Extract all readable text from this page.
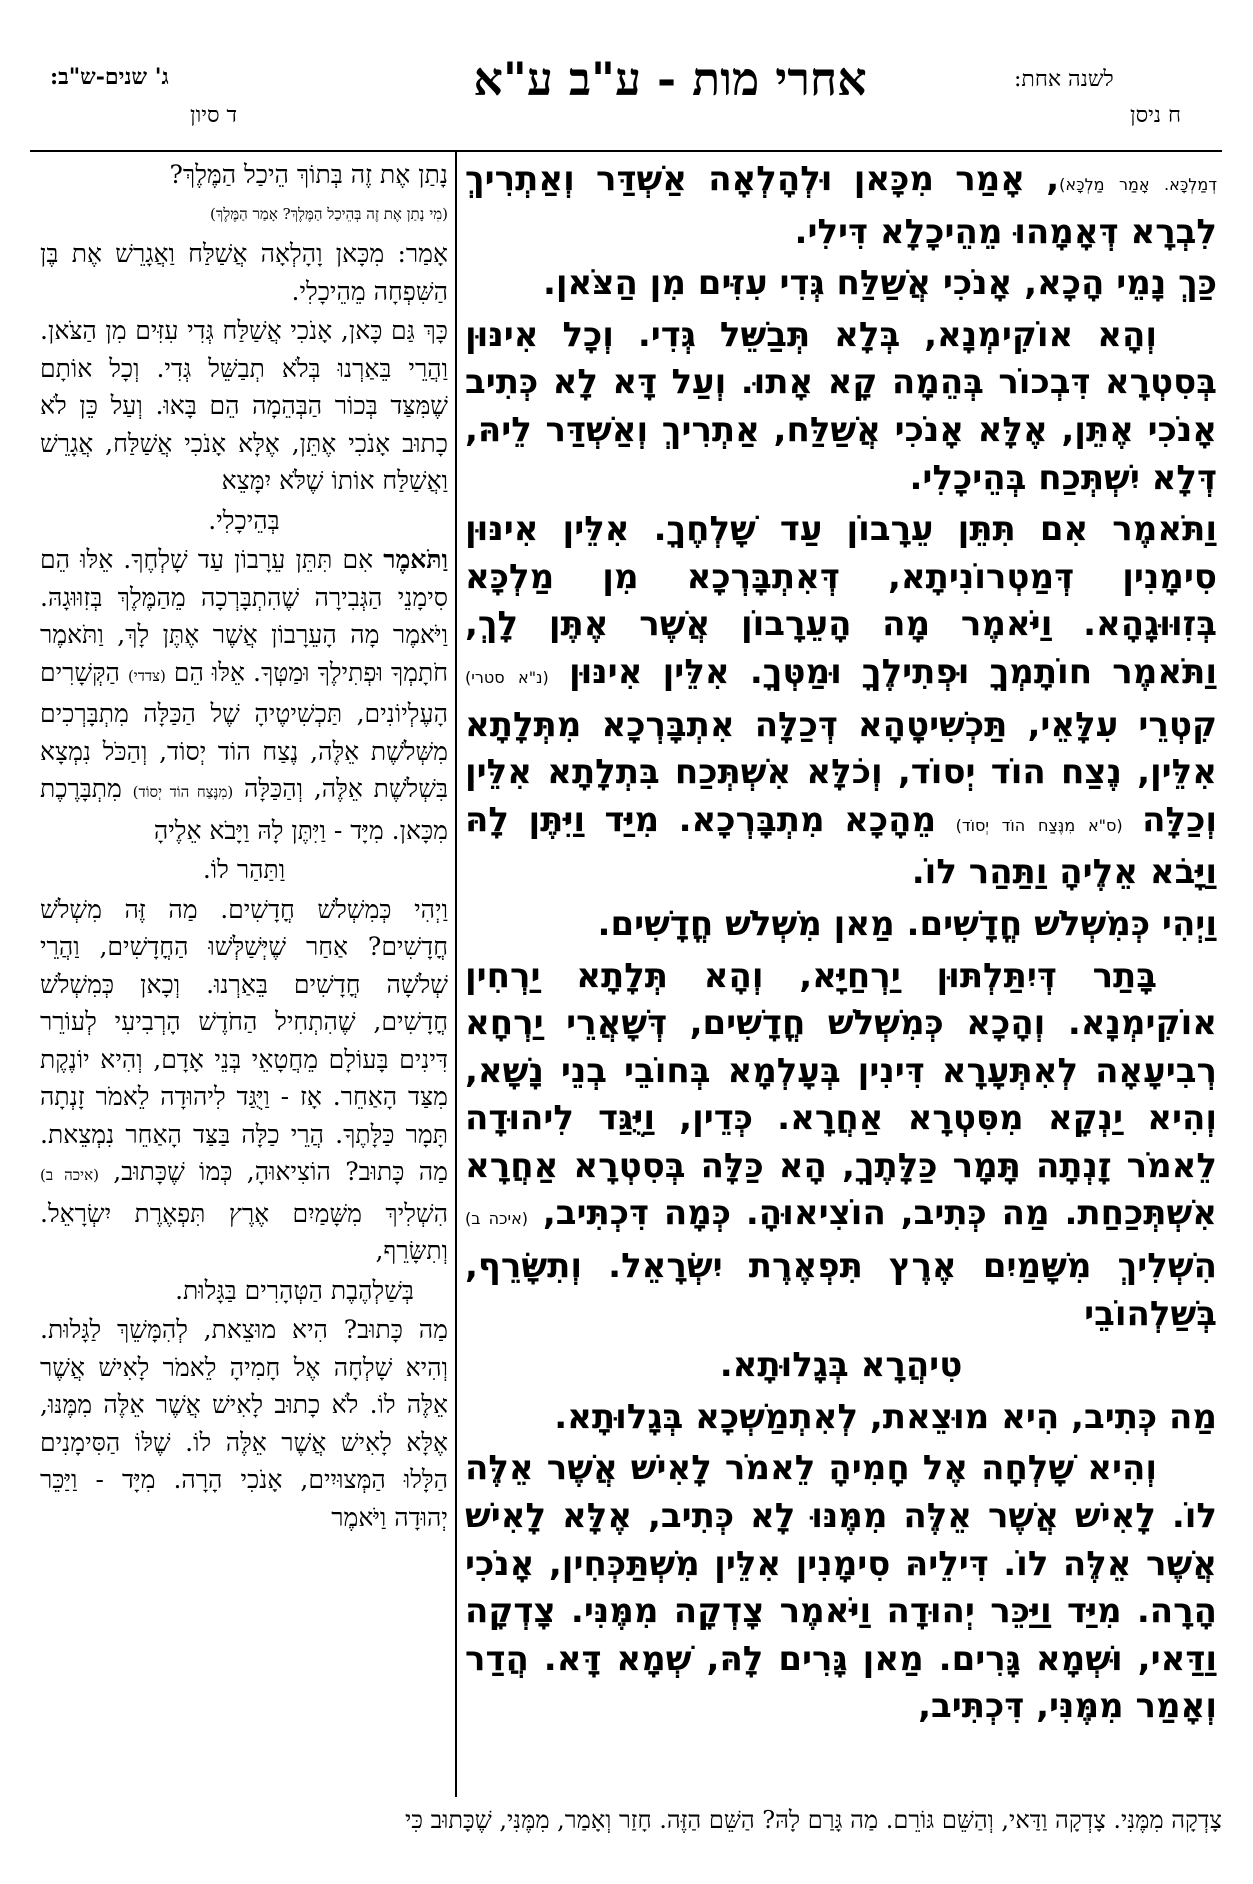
לשנה אחת:
ח ניסן
אחרי מות - ע"ב ע"א
ג' שנים-ש"ב:
ד סיון

דְמַלְכָּא. אָמַר מַלְכָּא), אָמַר מִכָּאן וּלְהָלְאָה אַשְׁדַּר וְאַתְרִיךְ לִבְרָא דְּאָמָהוּ מֵהֵיכָלָא דִּילִי.

כַּךְ נָמֵי הָכָא, אָנֹכִי אֲשַׁלַּח גְּדִי עִזִּים מִן הַצֹּאן.

וְהָא אוֹקִימְנָא, בְּלָא תְּבַשֵּׁל גְּדִי. וְכָל אִינּוּן בְּסִטְרָא דִּבְכוֹר בְּהֵמָה קָא אָתוּ. וְעַל דָּא לָא כְּתִיב אָנֹכִי אֶתֵּן, אֶלָּא אָנֹכִי אֲשַׁלַּח, אַתְרִיךְ וְאַשְׁדַּר לֵיהּ, דְּלָא יִשְׁתְּכַח בְּהֵיכָלִי.

וַתֹּאמֶר אִם תִּתֵּן עֵרָבוֹן עַד שָׁלְחֶךָ. אִלֵּין אִינּוּן סִימָנִין דְּמַטְרוֹנִיתָא, דְּאִתְבָּרְכָא מִן מַלְכָּא בְּזִוּוּגָהָא. וַיֹּאמֶר מָה הָעֵרָבוֹן אֲשֶׁר אֶתֶּן לָךְ, וַתֹּאמֶר חוֹתָמְךָ וּפְתִילֶךָ וּמַטְּךָ. אִלֵּין אִינּוּן (נ"א סטרי) קִטְרֵי עִלָּאֵי, תַּכְשִׁיטָהָא דְּכַלָּה אִתְבָּרְכָא מִתְּלָתָא אִלֵּין, נֶצַח הוֹד יְסוֹד, וְכֹלָּא אִשְׁתְּכַח בִּתְלָתָא אִלֵּין וְכַלָּה (ס"א מִנֶּצַח הוֹד יְסוֹד) מֵהָכָא מִתְבָּרְכָא. מִיַּד וַיִּתֶּן לָהּ וַיָּבֹא אֵלֶיהָ וַתַּהַר לוֹ.

וַיְהִי כְּמִשְׁלֹשׁ חֳדָשִׁים. מַאן מִשְׁלֹשׁ חֳדָשִׁים.

בָּתַר דְּיִתַּלְתּוּן יַרְחַיָּא, וְהָא תְּלָתָא יַרְחִין אוֹקִימְנָא. וְהָכָא כְּמִשְׁלֹשׁ חֳדָשִׁים, דְּשָׁאֲרֵי יַרְחָא רְבִיעָאָה לְאִתְּעָרָא דִּינִין בְּעָלְמָא בְּחוֹבֵי בְנֵי נָשָׁא, וְהִיא יַנְקָא מִסִּטְרָא אַחֲרָא. כְּדֵין, וַיֻּגַּד לִיהוּדָה לֵאמֹר זָנְתָה תָּמָר כַּלָּתֶךָ, הָא כַּלָּה בְּסִטְרָא אַחֲרָא אִשְׁתְּכַחַת. מַה כְּתִיב, הוֹצִיאוּהָ. כְּמָה דִּכְתִּיב, (איכה ב) הִשְׁלִיךְ מִשָּׁמַיִם אֶרֶץ תִּפְאֶרֶת יִשְׂרָאֵל. וְתִשָּׂרֵף, בְּשַׁלְהוֹבֵי

טִיהֲרָא בְּגָלוּתָא.

מַה כְּתִיב, הִיא מוּצֵאת, לְאִתְמַשְׁכָא בְּגָלוּתָא.

וְהִיא שָׁלְחָה אֶל חָמִיהָ לֵאמֹר לָאִישׁ אֲשֶׁר אֵלֶּה לוֹ. לָאִישׁ אֲשֶׁר אֵלֶּה מִמֶּנּוּ לָא כְּתִיב, אֶלָּא לָאִישׁ אֲשֶׁר אֵלֶּה לוֹ. דִּילֵיהּ סִימָנִין אִלֵּין מִשְׁתַּכְּחִין, אָנֹכִי הָרָה. מִיַּד וַיַּכֵּר יְהוּדָה וַיֹּאמֶר צָדְקָה מִמֶּנִּי. צָדְקָה וַדַּאי, וּשְׁמָא גָּרִים. מַאן גָּרִים לָהּ, שְׁמָא דָּא. הֲדַר וְאָמַר מִמֶּנִּי, דִּכְתִּיב,

נָתַן אֶת זֶה בְּתוֹךְ הֵיכַל הַמֶּלֶךְ?

(מִי נָתַן אֶת זֶה בְּהֵיכַל הַמֶּלֶךְ? אָמַר הַמֶּלֶךְ)

אָמַר: מִכָּאן וָהָלְאָה אֲשַׁלַּח וַאֲגָרֵשׁ אֶת בֶּן הַשִּׁפְחָה מֵהֵיכָלִי.

כָּךְ גַּם כָּאן, אָנֹכִי אֲשַׁלַּח גְּדִי עִזִּים מִן הַצֹּאן. וַהֲרֵי בֵּאַרְנוּ בְּלֹא תְבַשֵּׁל גְּדִי. וְכָל אוֹתָם שֶׁמִּצַּד בְּכוֹר הַבְּהֵמָה הֵם בָּאוּ. וְעַל כֵּן לֹא כָתוּב אָנֹכִי אֶתֵּן, אֶלָּא אָנֹכִי אֲשַׁלַּח, אֲגָרֵשׁ וַאֲשַׁלַּח אוֹתוֹ שֶׁלֹּא יִמָּצֵא

בְּהֵיכָלִי.

וַתֹּאמֶר אִם תִּתֵּן עֵרָבוֹן עַד שָׁלְחֶךָ. אֵלּוּ הֵם סִימָנֵי הַגְּבִירָה שֶׁהִתְבָּרְכָה מֵהַמֶּלֶךְ בְּזִוּוּגָהּ. וַיֹּאמֶר מָה הָעֵרָבוֹן אֲשֶׁר אֶתֶּן לָךְ, וַתֹּאמֶר חֹתָמְךָ וּפְתִילֶךָ וּמַטְּךָ. אֵלּוּ הֵם (צדדי) הַקְּשָׁרִים הָעֶלְיוֹנִים, תַּכְשִׁיטֶיהָ שֶׁל הַכַּלָּה מִתְבָּרְכִים מִשְּׁלֹשֶׁת אֵלֶּה, נֶצַח הוֹד יְסוֹד, וְהַכֹּל נִמְצָא בִּשְׁלֹשֶׁת אֵלֶּה, וְהַכַּלָּה (מִנֶּצַח הוֹד יְסוֹד) מִתְבָּרֶכֶת מִכָּאן. מִיָּד - וַיִּתֶּן לָהּ וַיָּבֹא אֵלֶיהָ

וַתַּהַר לוֹ.

וַיְהִי כְּמִשְׁלֹשׁ חֳדָשִׁים. מַה זֶּה מִשְׁלֹשׁ חֳדָשִׁים? אַחַר שֶׁיְּשַׁלְּשׁוּ הַחֳדָשִׁים, וַהֲרֵי שְׁלֹשָׁה חֳדָשִׁים בֵּאַרְנוּ. וְכָאן כְּמִשְׁלֹשׁ חֳדָשִׁים, שֶׁהִתְחִיל הַחֹדֶשׁ הָרְבִיעִי לְעוֹרֵר דִּינִים בָּעוֹלָם מֵחֲטָאֵי בְּנֵי אָדָם, וְהִיא יוֹנֶקֶת מִצַּד הָאַחֵר. אָז - וַיֻּגַּד לִיהוּדָה לֵאמֹר זָנְתָה תָּמָר כַּלָּתֶךָ. הֲרֵי כַלָּה בַּצַּד הָאַחֵר נִמְצֵאת. מַה כָּתוּב? הוֹצִיאוּהָ, כְּמוֹ שֶׁכָּתוּב, (איכה ב) הִשְׁלִיךְ מִשָּׁמַיִם אֶרֶץ תִּפְאֶרֶת יִשְׂרָאֵל. וְתִשָּׂרֵף,

בְּשַׁלְהֶבֶת הַטְּהָרִים בַּגָּלוּת.

מַה כָּתוּב? הִיא מוּצֵאת, לְהִמָּשֵׁךְ לַגָּלוּת. וְהִיא שָׁלְחָה אֶל חָמִיהָ לֵאמֹר לָאִישׁ אֲשֶׁר אֵלֶּה לוֹ. לֹא כָתוּב לָאִישׁ אֲשֶׁר אֵלֶּה מִמֶּנּוּ, אֶלָּא לָאִישׁ אֲשֶׁר אֵלֶּה לוֹ. שֶׁלּוֹ הַסִּימָנִים הַלָּלוּ הַמְּצוּיִים, אָנֹכִי הָרָה. מִיָּד - וַיַּכֵּר יְהוּדָה וַיֹּאמֶר

צָדְקָה מִמֶּנִּי. צָדְקָה וַדַּאי, וְהַשֵּׁם גּוֹרֵם. מַה גָּרַם לָהּ? הַשֵּׁם הַזֶּה. חָזַר וְאָמַר, מִמֶּנִּי, שֶׁכָּתוּב כִּי
